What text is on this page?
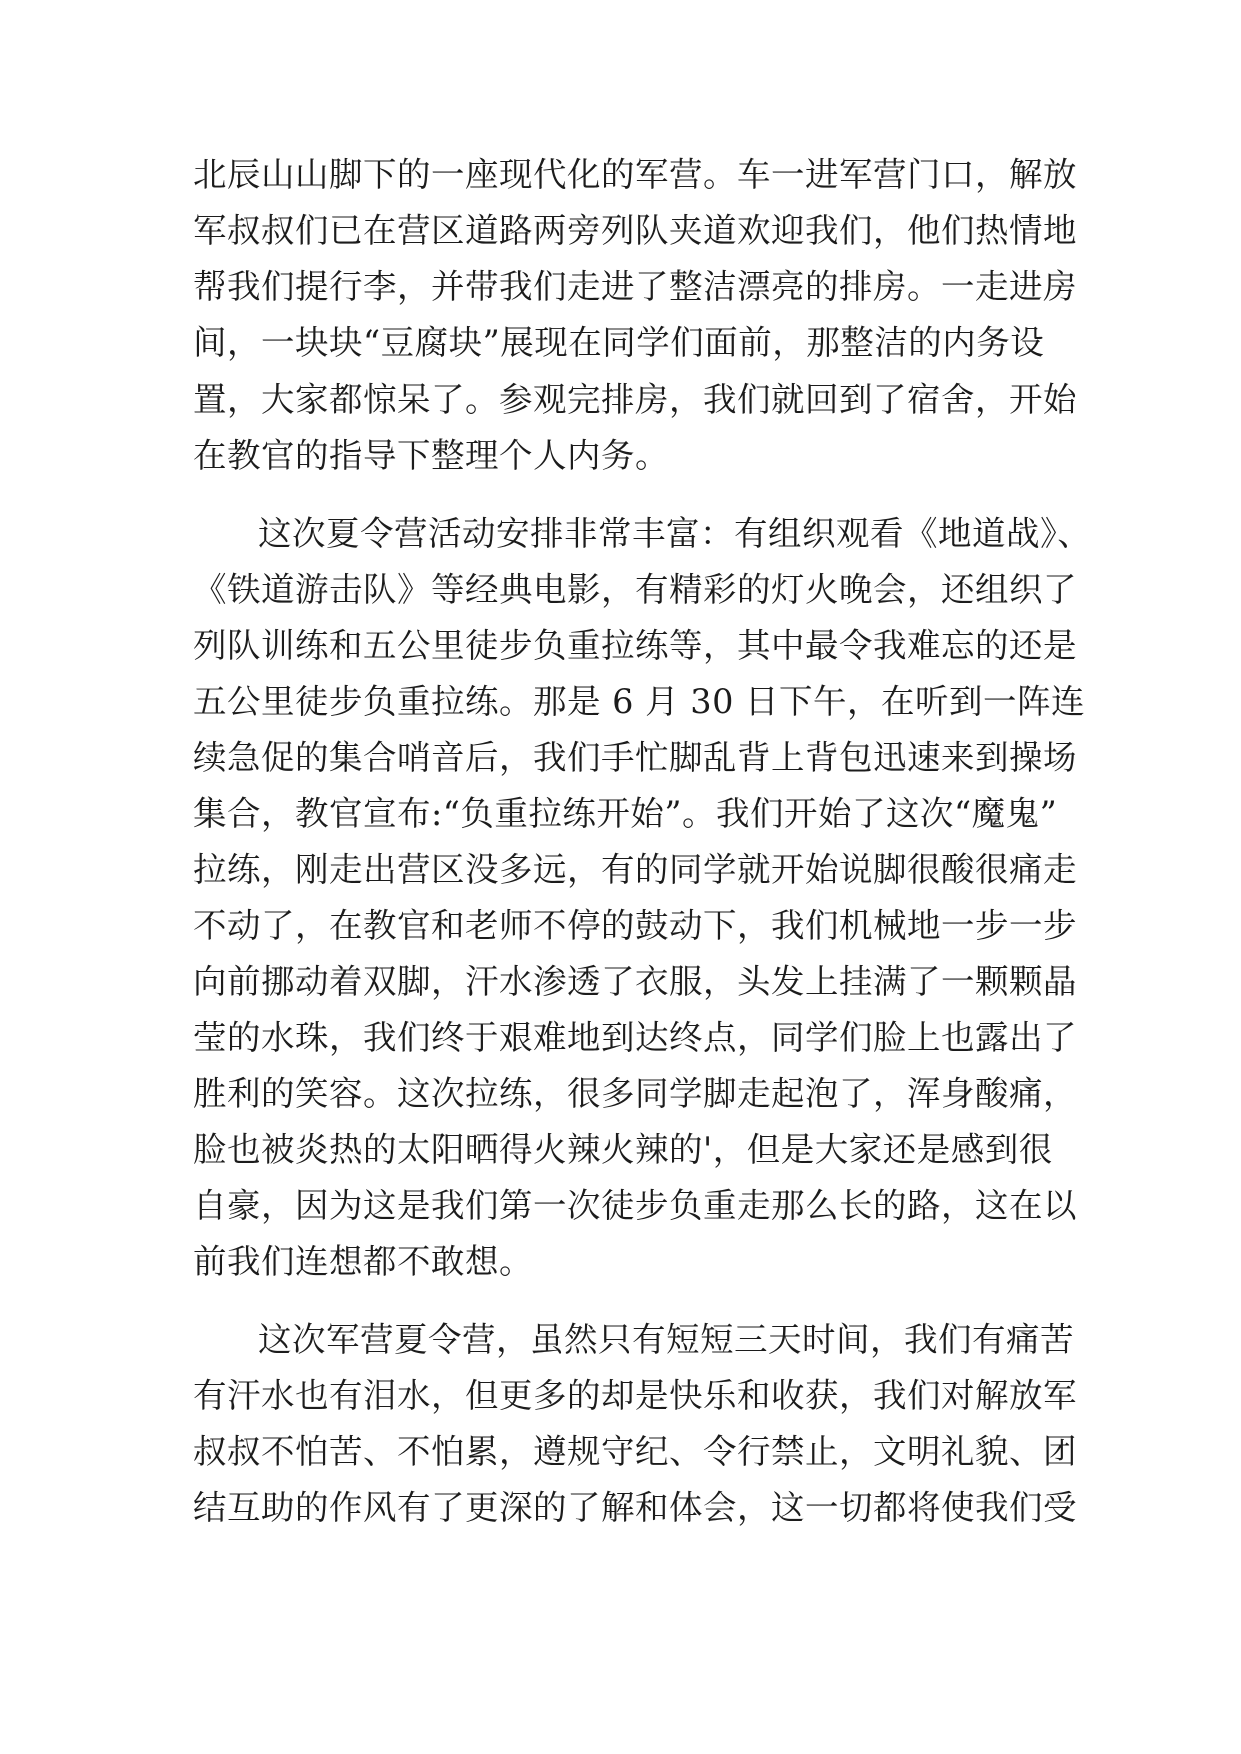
北辰山山脚下的一座现代化的军营。车一进军营门口，解放
军叔叔们已在营区道路两旁列队夹道欢迎我们，他们热情地
帮我们提行李，并带我们走进了整洁漂亮的排房。一走进房
间，一块块“豆腐块”展现在同学们面前，那整洁的内务设
置，大家都惊呆了。参观完排房，我们就回到了宿舍，开始
在教官的指导下整理个人内务。
这次夏令营活动安排非常丰富：有组织观看《地道战》、
《铁道游击队》等经典电影，有精彩的灯火晚会，还组织了
列队训练和五公里徒步负重拉练等，其中最令我难忘的还是
五公里徒步负重拉练。那是 6 月 30 日下午，在听到一阵连
续急促的集合哨音后，我们手忙脚乱背上背包迅速来到操场
集合，教官宣布:“负重拉练开始”。我们开始了这次“魔鬼”
拉练，刚走出营区没多远，有的同学就开始说脚很酸很痛走
不动了，在教官和老师不停的鼓动下，我们机械地一步一步
向前挪动着双脚，汗水渗透了衣服，头发上挂满了一颗颗晶
莹的水珠，我们终于艰难地到达终点，同学们脸上也露出了
胜利的笑容。这次拉练，很多同学脚走起泡了，浑身酸痛，
脸也被炎热的太阳晒得火辣火辣的'，但是大家还是感到很
自豪，因为这是我们第一次徒步负重走那么长的路，这在以
前我们连想都不敢想。
这次军营夏令营，虽然只有短短三天时间，我们有痛苦
有汗水也有泪水，但更多的却是快乐和收获，我们对解放军
叔叔不怕苦、不怕累，遵规守纪、令行禁止，文明礼貌、团
结互助的作风有了更深的了解和体会，这一切都将使我们受
